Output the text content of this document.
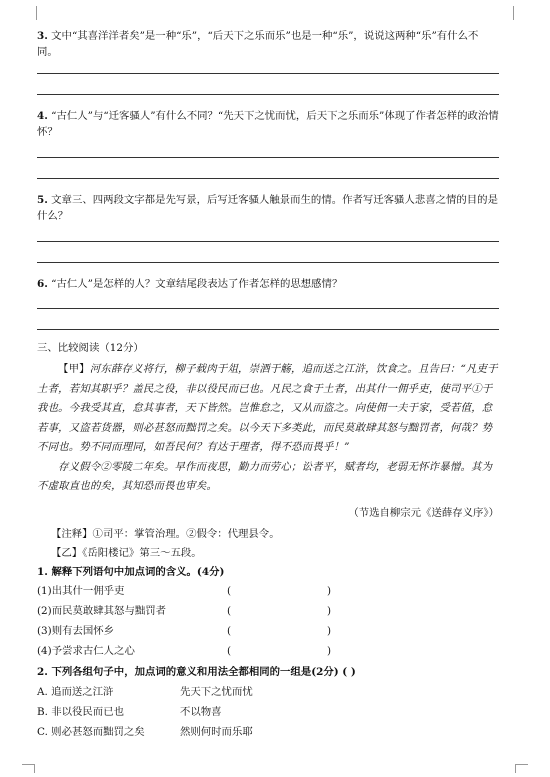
3. 文中“其喜洋洋者矣”是一种“乐”，“后天下之乐而乐”也是一种“乐”，说说这两种“乐”有什么不同。

4. “古仁人”与“迁客骚人”有什么不同？“先天下之忧而忧，后天下之乐而乐”体现了作者怎样的政治情怀？

5. 文章三、四两段文字都是先写景，后写迁客骚人触景而生的情。作者写迁客骚人悲喜之情的目的是什么？

6. “古仁人”是怎样的人？文章结尾段表达了作者怎样的思想感情？

三、比较阅读（12分）

【甲】河东薛存义将行，柳子载肉于俎，崇酒于觞，追而送之江浒，饮食之。且告曰：“凡吏于土者，若知其职乎？盖民之役，非以役民而已也。凡民之食于土者，出其什一佣乎吏，使司平①于我也。今我受其直，怠其事者，天下皆然。岂惟怠之，又从而盗之。向使佣一夫于家，受若值，怠若事，又盗若货器，则必甚怒而黜罚之矣。以今天下多类此，而民莫敢肆其怒与黜罚者，何哉？势不同也。势不同而理同，如吾民何？有达于理者，得不恐而畏乎！”

存义假令②零陵二年矣。早作而夜思，勤力而劳心；讼者平，赋者均，老弱无怀诈暴憎。其为不虚取直也的矣，其知恐而畏也审矣。

（节选自柳宗元《送薛存义序》）

【注释】①司平：掌管治理。②假令：代理县令。

【乙】《岳阳楼记》第三～五段。

1. 解释下列语句中加点词的含义。(4分)

(1)出其什一佣乎吏	(	)
(2)而民莫敢肆其怒与黜罚者	(	)
(3)则有去国怀乡	(	)
(4)予尝求古仁人之心	(	)

2. 下列各组句子中，加点词的意义和用法全都相同的一组是(2分) ( )

A. 追而送之江浒	先天下之忧而忧
B. 非以役民而已也	不以物喜
C. 则必甚怒而黜罚之矣	然则何时而乐耶
